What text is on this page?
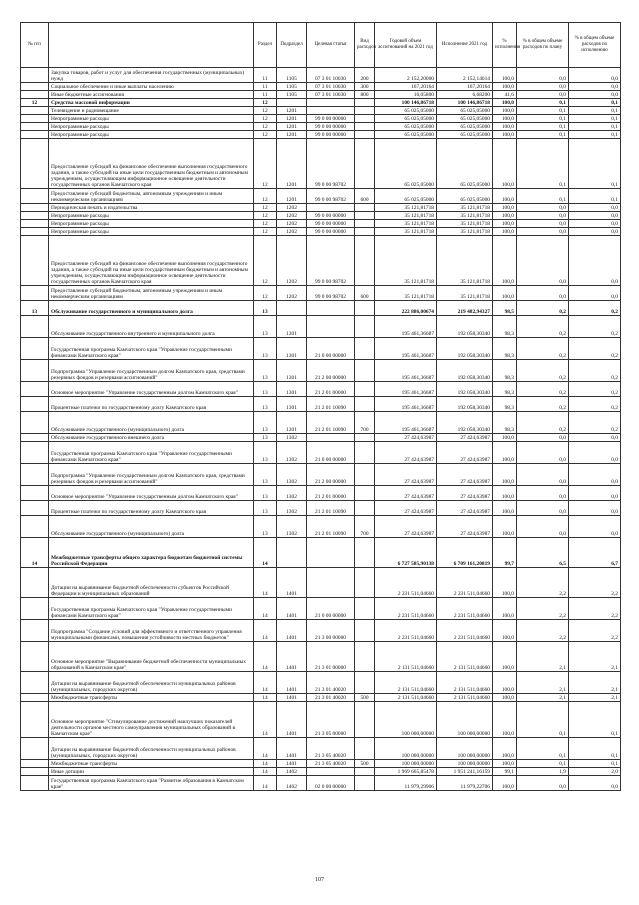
№ п/п		Раздел	Подраздел	Целевая статья	Вид расходов	Годовой объем ассигнований на 2021 год	Исполнение 2021 год	% исполнения	% в общем объеме расходов по плану	% в общем объеме расходов по исполнению
	Закупка товаров, работ и услуг для обеспечения государственных (муниципальных) нужд	11	1105	07 3 01 10030	200	2 152,20000	2 152,14614	100,0	0,0	0,0
	Социальное обеспечение и иные выплаты населению	11	1105	07 3 01 10030	300	167,20164	167,20164	100,0	0,0	0,0
	Иные бюджетные ассигнования	11	1105	07 3 01 10030	800	16,05800	6,68200	41,6	0,0	0,0
12	Средства массовой информации	12				100 146,86718	100 146,86718	100,0	0,1	0,1
	Телевидение и радиовещание	12	1201			65 025,05000	65 025,05000	100,0	0,1	0,1
	Непрограммные расходы	12	1201	99 0 00 00000		65 025,05000	65 025,05000	100,0	0,1	0,1
	Непрограммные расходы	12	1201	99 0 00 00000		65 025,05000	65 025,05000	100,0	0,1	0,1
	Непрограммные расходы	12	1201	99 0 00 00000		65 025,05000	65 025,05000	100,0	0,1	0,1
	Предоставление субсидий на финансовое обеспечение выполнения государственного задания, а также субсидий на иные цели государственным бюджетным и автономным учреждениям, осуществляющим информационное освещение деятельности государственных органов Камчатского края	12	1201	99 0 00 98702		65 025,05000	65 025,05000	100,0	0,1	0,1
	Предоставление субсидий бюджетным, автономным учреждениям и иным некоммерческим организациям	12	1201	99 0 00 98702	600	65 025,05000	65 025,05000	100,0	0,1	0,1
	Периодическая печать и издательства	12	1202			35 121,81718	35 121,81718	100,0	0,0	0,0
	Непрограммные расходы	12	1202	99 0 00 00000		35 121,81718	35 121,81718	100,0	0,0	0,0
	Непрограммные расходы	12	1202	99 0 00 00000		35 121,81718	35 121,81718	100,0	0,0	0,0
	Непрограммные расходы	12	1202	99 0 00 00000		35 121,81718	35 121,81718	100,0	0,0	0,0
	Предоставление субсидий на финансовое обеспечение выполнения государственного задания, а также субсидий на иные цели государственным бюджетным и автономным учреждениям, осуществляющим информационное освещение деятельности государственных органов Камчатского края	12	1202	99 0 00 98702		35 121,81718	35 121,81718	100,0	0,0	0,0
	Предоставление субсидий бюджетным, автономным учреждениям и иным некоммерческим организациям	12	1202	99 0 00 98702	600	35 121,81718	35 121,81718	100,0	0,0	0,0
13	Обслуживание государственного и муниципального долга	13				222 886,00674	219 482,94327	98,5	0,2	0,2
	Обслуживание государственного внутреннего и муниципального долга	13	1301			195 461,36687	192 058,30340	98,3	0,2	0,2
	Государственная программа Камчатского края "Управление государственными финансами Камчатского края"	13	1301	21 0 00 00000		195 461,36687	192 058,30340	98,3	0,2	0,2
	Подпрограмма "Управление государственным долгом Камчатского края, средствами резервных фондов и резервами ассигнований"	13	1301	21 2 00 00000		195 461,36687	192 058,30340	98,3	0,2	0,2
	Основное мероприятие "Управление государственным долгом Камчатского края"	13	1301	21 2 01 00000		195 461,36687	192 058,30340	98,3	0,2	0,2
	Процентные платежи по государственному долгу Камчатского края	13	1301	21 2 01 10090		195 461,36687	192 058,30340	98,3	0,2	0,2
	Обслуживание государственного (муниципального) долга	13	1301	21 2 01 10090	700	195 461,36687	192 058,30340	98,3	0,2	0,2
	Обслуживание государственного внешнего долга	13	1302			27 424,63987	27 424,63987	100,0	0,0	0,0
	Государственная программа Камчатского края "Управление государственными финансами Камчатского края"	13	1302	21 0 00 00000		27 424,63987	27 424,63987	100,0	0,0	0,0
	Подпрограмма "Управление государственным долгом Камчатского края, средствами резервных фондов и резервами ассигнований"	13	1302	21 2 00 00000		27 424,63987	27 424,63987	100,0	0,0	0,0
	Основное мероприятие "Управление государственным долгом Камчатского края"	13	1302	21 2 01 00000		27 424,63987	27 424,63987	100,0	0,0	0,0
	Процентные платежи по государственному долгу Камчатского края	13	1302	21 2 01 10090		27 424,63987	27 424,63987	100,0	0,0	0,0
	Обслуживание государственного (муниципального) долга	13	1302	21 2 01 10090	700	27 424,63987	27 424,63987	100,0	0,0	0,0
14	Межбюджетные трансферты общего характера бюджетам бюджетной системы Российской Федерации	14				6 727 585,90138	6 709 161,20819	99,7	6,5	6,7
	Дотации на выравнивание бюджетной обеспеченности субъектов Российской Федерации и муниципальных образований	14	1401			2 231 511,04660	2 231 511,04660	100,0	2,2	2,2
	Государственная программа Камчатского края "Управление государственными финансами Камчатского края"	14	1401	21 0 00 00000		2 231 511,04660	2 231 511,04660	100,0	2,2	2,2
	Подпрограмма "Создание условий для эффективного и ответственного управления муниципальными финансами, повышения устойчивости местных бюджетов"	14	1401	21 3 00 00000		2 231 511,04660	2 231 511,04660	100,0	2,2	2,2
	Основное мероприятие "Выравнивание бюджетной обеспеченности муниципальных образований в Камчатском крае"	14	1401	21 3 01 00000		2 131 511,04660	2 131 511,04660	100,0	2,1	2,1
	Дотации на выравнивание бюджетной обеспеченности муниципальных районов (муниципальных, городских округов)	14	1401	21 3 01 40020		2 131 511,04660	2 131 511,04660	100,0	2,1	2,1
	Межбюджетные трансферты	14	1401	21 3 01 40020	500	2 131 511,04660	2 131 511,04660	100,0	2,1	2,1
	Основное мероприятие "Стимулирование достижений наилучших показателей деятельности органов местного самоуправления муниципальных образований в Камчатском крае"	14	1401	21 3 05 00000		100 000,00000	100 000,00000	100,0	0,1	0,1
	Дотации на выравнивание бюджетной обеспеченности муниципальных районов (муниципальных, городских округов)	14	1401	21 3 05 40020		100 000,00000	100 000,00000	100,0	0,1	0,1
	Межбюджетные трансферты	14	1401	21 3 05 40020	500	100 000,00000	100 000,00000	100,0	0,1	0,1
	Иные дотации	14	1402			1 969 665,85478	1 951 241,16159	99,1	1,9	2,0
	Государственная программа Камчатского края "Развитие образования в Камчатском крае"	14	1402	02 0 00 00000		11 979,29906	11 979,22706	100,0	0,0	0,0
107
